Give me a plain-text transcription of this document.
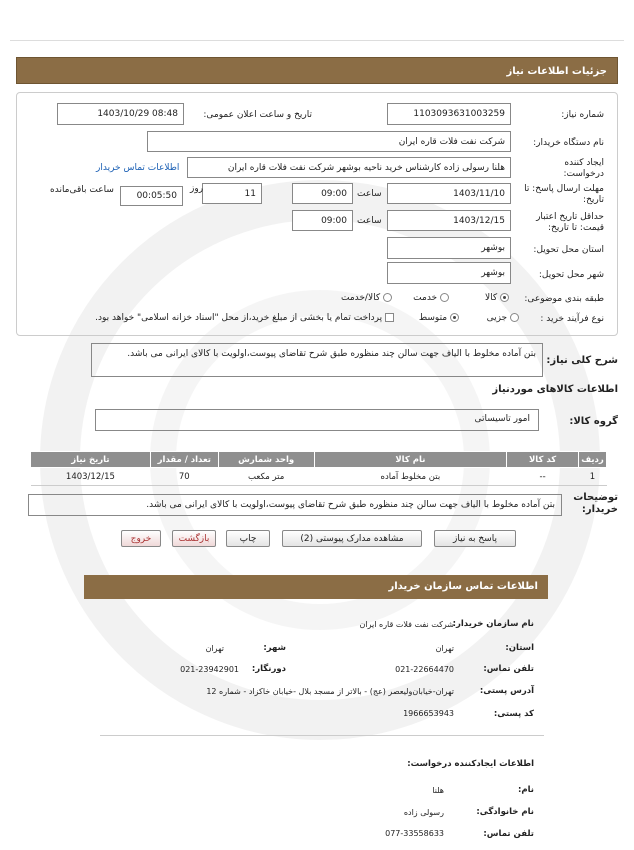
جزئیات اطلاعات نیاز
شماره نیاز:
1103093631003259
تاریخ و ساعت اعلان عمومی:
1403/10/29 08:48
نام دستگاه خریدار:
شرکت نفت فلات قاره ایران
ایجاد کننده درخواست:
هلنا رسولی زاده کارشناس خرید ناحیه بوشهر شرکت نفت فلات قاره ایران
اطلاعات تماس خریدار
مهلت ارسال پاسخ: تا تاریخ:
1403/11/10
ساعت
09:00
11
روز
00:05:50
ساعت باقی‌مانده
حداقل تاریخ اعتبار قیمت: تا تاریخ:
1403/12/15
ساعت
09:00
استان محل تحویل:
بوشهر
شهر محل تحویل:
بوشهر
طبقه بندی موضوعی:
کالا
خدمت
کالا/خدمت
نوع فرآیند خرید :
جزیی
متوسط
پرداخت تمام یا بخشی از مبلغ خرید،از محل "اسناد خزانه اسلامی" خواهد بود.
شرح کلی نیاز:
بتن آماده مخلوط با الیاف جهت سالن چند منظوره طبق شرح تقاضای پیوست،اولویت با کالای ایرانی می باشد.
اطلاعات کالاهای موردنیاز
گروه کالا:
امور تاسیساتی
ردیف	کد کالا	نام کالا	واحد شمارش	تعداد / مقدار	تاریخ نیاز
1	--	بتن مخلوط آماده	متر مکعب	70	1403/12/15
توضیحات خریدار:
بتن آماده مخلوط با الیاف جهت سالن چند منظوره طبق شرح تقاضای پیوست،اولویت با کالای ایرانی می باشد.
پاسخ به نیاز
مشاهده مدارک پیوستی (2)
چاپ
بازگشت
خروج
اطلاعات تماس سازمان خریدار
نام سازمان خریدار:
شرکت نفت فلات قاره ایران
استان:
تهران
شهر:
تهران
تلفن تماس:
021-22664470
دورنگار:
021-23942901
آدرس پستی:
تهران-خیابان‌ولیعصر (عج) - بالاتر از مسجد بلال -خیابان خاکزاد - شماره 12
کد پستی:
1966653943
اطلاعات ایجادکننده درخواست:
نام:
هلنا
نام خانوادگی:
رسولی زاده
تلفن تماس:
077-33558633
